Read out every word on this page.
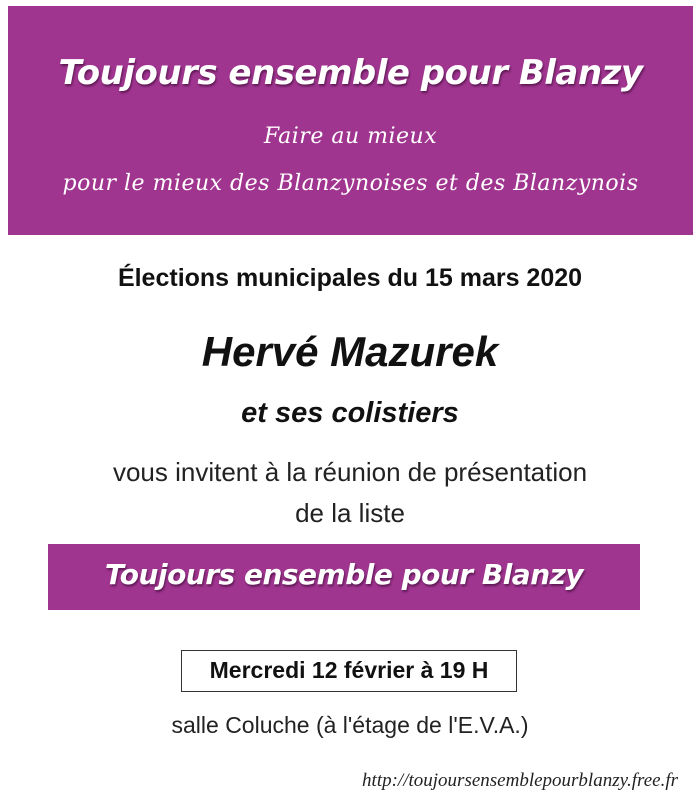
Toujours ensemble pour Blanzy
Faire au mieux
pour le mieux des Blanzynoises et des Blanzynois
Élections municipales du 15 mars 2020
Hervé Mazurek
et ses colistiers
vous invitent à la réunion de présentation
de la liste
Toujours ensemble pour Blanzy
Mercredi 12 février à 19 H
salle Coluche (à l'étage de l'E.V.A.)
http://toujoursensemblepourblanzy.free.fr
